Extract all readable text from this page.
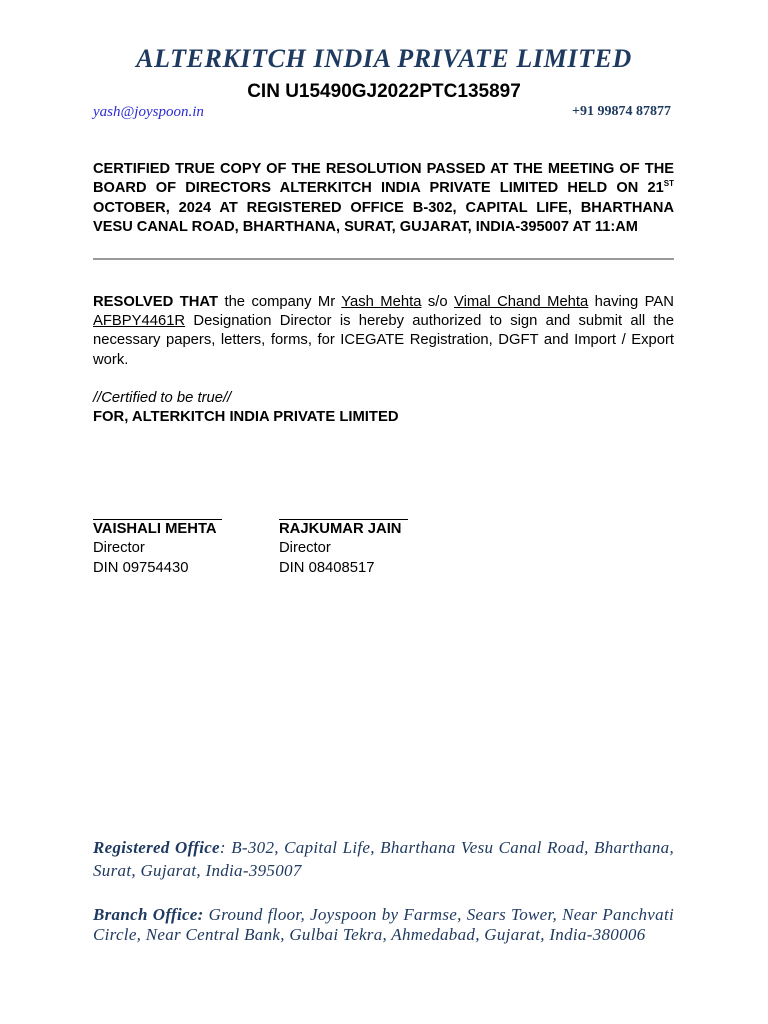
ALTERKITCH INDIA PRIVATE LIMITED
CIN U15490GJ2022PTC135897
yash@joyspoon.in	+91 99874 87877
CERTIFIED TRUE COPY OF THE RESOLUTION PASSED AT THE MEETING OF THE BOARD OF DIRECTORS ALTERKITCH INDIA PRIVATE LIMITED HELD ON 21ST OCTOBER, 2024 AT REGISTERED OFFICE B-302, CAPITAL LIFE, BHARTHANA VESU CANAL ROAD, BHARTHANA, SURAT, GUJARAT, INDIA-395007 AT 11:AM
RESOLVED THAT the company Mr Yash Mehta s/o Vimal Chand Mehta having PAN AFBPY4461R Designation Director is hereby authorized to sign and submit all the necessary papers, letters, forms, for ICEGATE Registration, DGFT and Import / Export work.
//Certified to be true//
FOR, ALTERKITCH INDIA PRIVATE LIMITED
VAISHALI MEHTA
Director
DIN 09754430
RAJKUMAR JAIN
Director
DIN 08408517
Registered Office: B-302, Capital Life, Bharthana Vesu Canal Road, Bharthana, Surat, Gujarat, India-395007
Branch Office: Ground floor, Joyspoon by Farmse, Sears Tower, Near Panchvati Circle, Near Central Bank, Gulbai Tekra, Ahmedabad, Gujarat, India-380006
